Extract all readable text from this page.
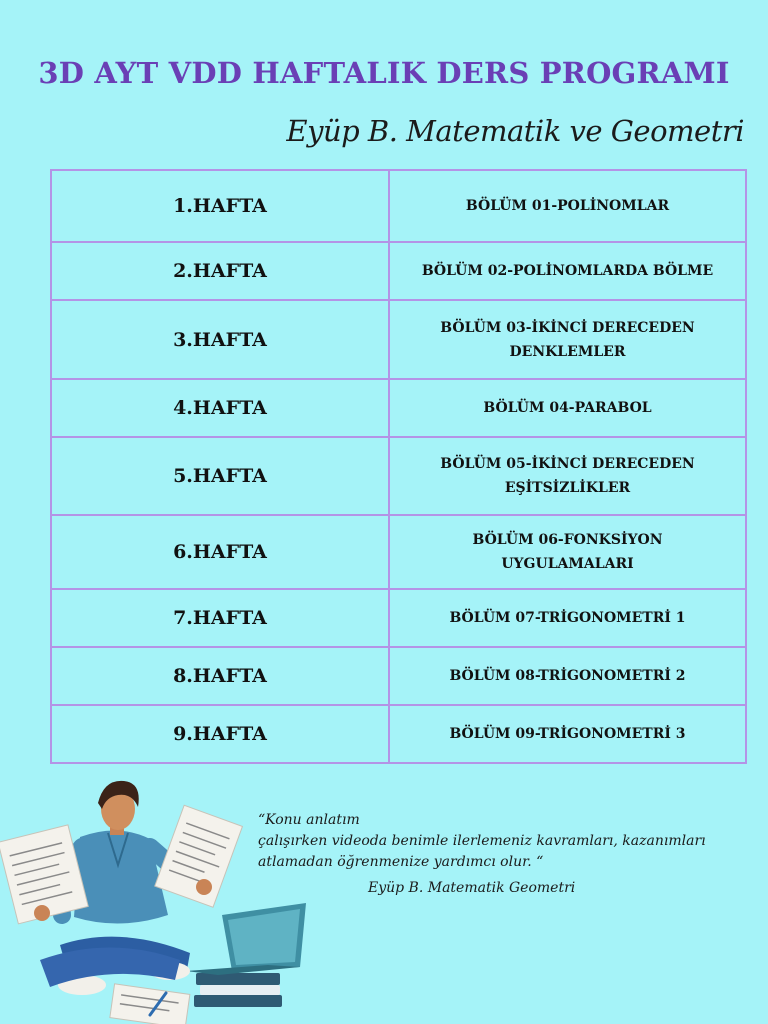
3D AYT VDD HAFTALIK DERS PROGRAMI
Eyüp B. Matematik ve Geometri
1.HAFTA	BÖLÜM 01-POLİNOMLAR
2.HAFTA	BÖLÜM 02-POLİNOMLARDA BÖLME
3.HAFTA	BÖLÜM 03-İKİNCİ DERECEDEN DENKLEMLER
4.HAFTA	BÖLÜM 04-PARABOL
5.HAFTA	BÖLÜM 05-İKİNCİ DERECEDEN EŞİTSİZLİKLER
6.HAFTA	BÖLÜM 06-FONKSİYON UYGULAMALARI
7.HAFTA	BÖLÜM 07-TRİGONOMETRİ 1
8.HAFTA	BÖLÜM 08-TRİGONOMETRİ 2
9.HAFTA	BÖLÜM 09-TRİGONOMETRİ 3
“Konu anlatım
çalışırken videoda benimle ilerlemeniz kavramları, kazanımları
atlamadan öğrenmenize yardımcı olur. “
Eyüp B. Matematik Geometri
